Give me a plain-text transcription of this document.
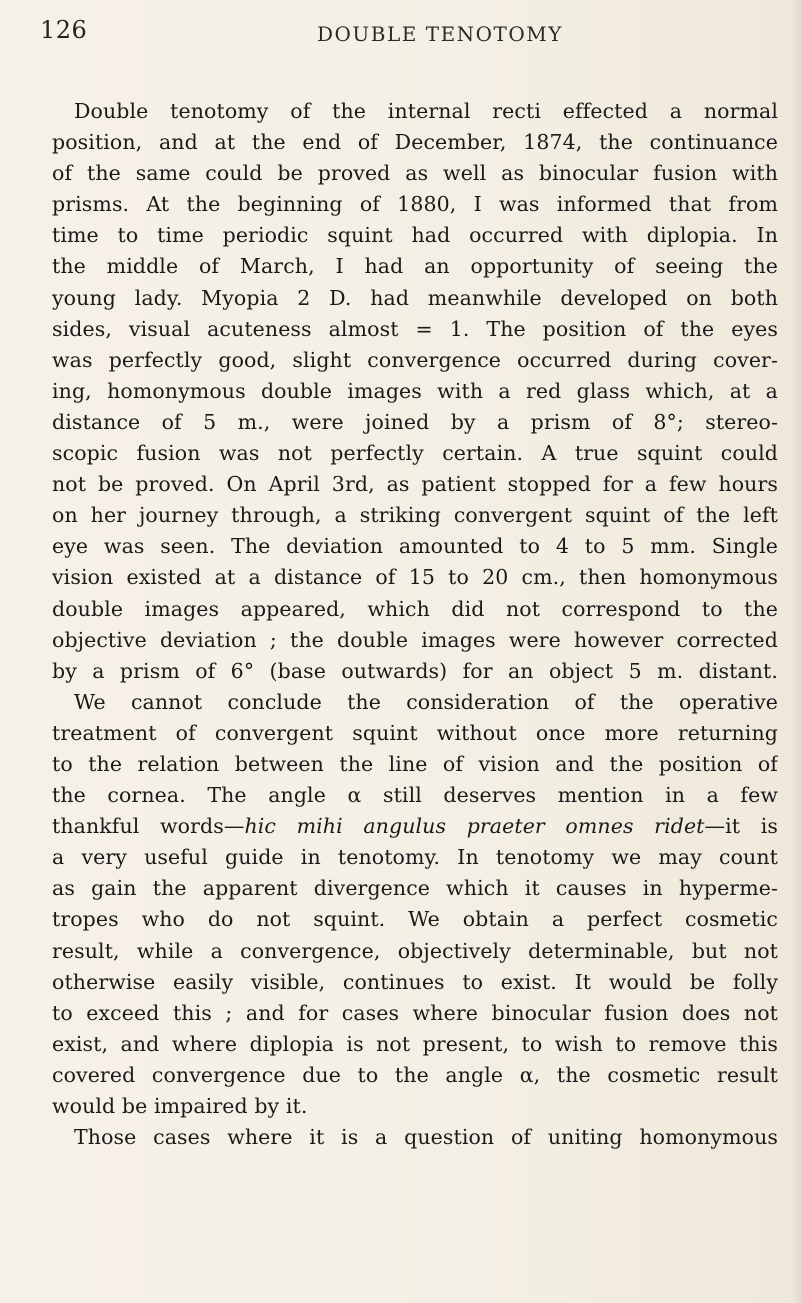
126	DOUBLE TENOTOMY
Double tenotomy of the internal recti effected a normal
position, and at the end of December, 1874, the continuance
of the same could be proved as well as binocular fusion with
prisms. At the beginning of 1880, I was informed that from
time to time periodic squint had occurred with diplopia. In
the middle of March, I had an opportunity of seeing the
young lady. Myopia 2 D. had meanwhile developed on both
sides, visual acuteness almost = 1. The position of the eyes
was perfectly good, slight convergence occurred during cover-
ing, homonymous double images with a red glass which, at a
distance of 5 m., were joined by a prism of 8°; stereo-
scopic fusion was not perfectly certain. A true squint could
not be proved. On April 3rd, as patient stopped for a few hours
on her journey through, a striking convergent squint of the left
eye was seen. The deviation amounted to 4 to 5 mm. Single
vision existed at a distance of 15 to 20 cm., then homonymous
double images appeared, which did not correspond to the
objective deviation ; the double images were however corrected
by a prism of 6° (base outwards) for an object 5 m. distant.
We cannot conclude the consideration of the operative
treatment of convergent squint without once more returning
to the relation between the line of vision and the position of
the cornea. The angle α still deserves mention in a few
thankful words—hic mihi angulus praeter omnes ridet—it is
a very useful guide in tenotomy. In tenotomy we may count
as gain the apparent divergence which it causes in hyperme-
tropes who do not squint. We obtain a perfect cosmetic
result, while a convergence, objectively determinable, but not
otherwise easily visible, continues to exist. It would be folly
to exceed this ; and for cases where binocular fusion does not
exist, and where diplopia is not present, to wish to remove this
covered convergence due to the angle α, the cosmetic result
would be impaired by it.
Those cases where it is a question of uniting homonymous
